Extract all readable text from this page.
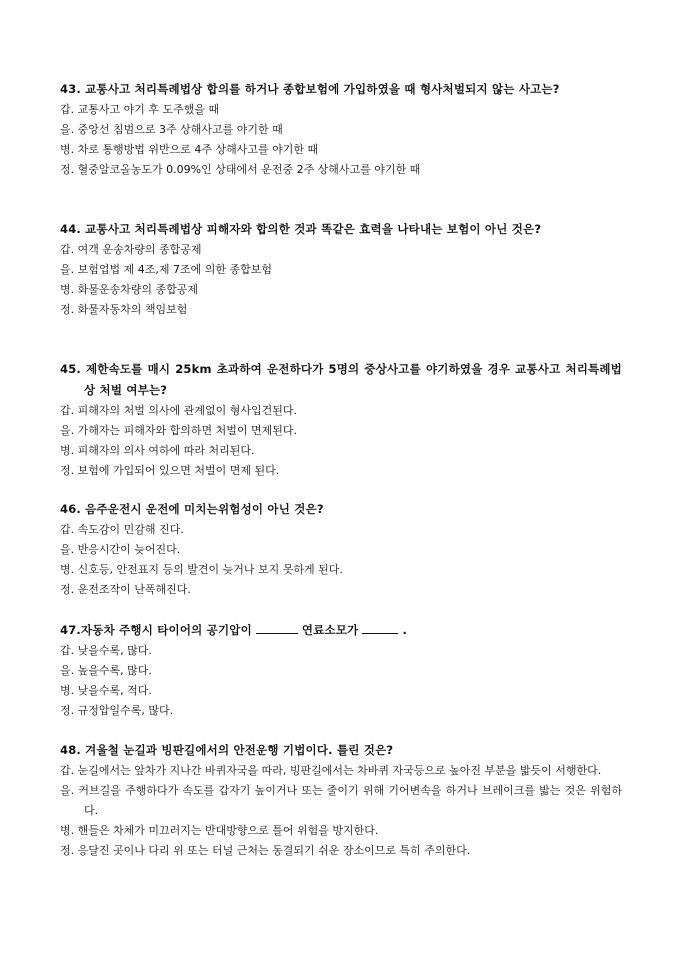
43. 교통사고 처리특례법상 합의를 하거나 종합보험에 가입하였을 때 형사처벌되지 않는 사고는?
갑. 교통사고 야기 후 도주했을 때
을. 중앙선 침범으로 3주 상해사고를 야기한 때
병. 차로 통행방법 위반으로 4주 상해사고를 야기한 때
정. 혈중알코올농도가 0.09%인 상태에서 운전중 2주 상해사고를 야기한 때
44. 교통사고 처리특례법상 피해자와 합의한 것과 똑같은 효력을 나타내는 보험이 아닌 것은?
갑. 여객 운송차량의 종합공제
을. 보험업법 제 4조,제 7조에 의한 종합보험
병. 화물운송차량의 종합공제
정. 화물자동차의 책임보험
45. 제한속도를 매시 25km 초과하여 운전하다가 5명의 중상사고를 야기하였을 경우 교통사고 처리특례법상 처벌 여부는?
갑. 피해자의 처벌 의사에 관계없이 형사입건된다.
을. 가해자는 피해자와 합의하면 처벌이 면제된다.
병. 피해자의 의사 여하에 따라 처리된다.
정. 보험에 가입되어 있으면 처벌이 면제 된다.
46. 음주운전시 운전에 미치는위험성이 아닌 것은?
갑. 속도감이 민감해 진다.
을. 반응시간이 늦어진다.
병. 신호등, 안전표지 등의 발견이 늦거나 보지 못하게 된다.
정. 운전조작이 난폭해진다.
47.자동차 주행시 타이어의 공기압이	연료소모가	.
갑. 낮을수록, 많다.
을. 높을수록, 많다.
병. 낮을수록, 적다.
정. 규정압일수록, 많다.
48. 겨울철 눈길과 빙판길에서의 안전운행 기법이다. 틀린 것은?
갑. 눈길에서는 앞차가 지나간 바퀴자국을 따라, 빙판길에서는 차바퀴 자국등으로 높아진 부분을 밟듯이 서행한다.
을. 커브길을 주행하다가 속도를 갑자기 높이거나 또는 줄이기 위해 기어변속을 하거나 브레이크를 밟는 것은 위험하다.
병. 핸들은 차체가 미끄러지는 반대방향으로 틀어 위험을 방지한다.
정. 응달진 곳이나 다리 위 또는 터널 근처는 동결되기 쉬운 장소이므로 특히 주의한다.
